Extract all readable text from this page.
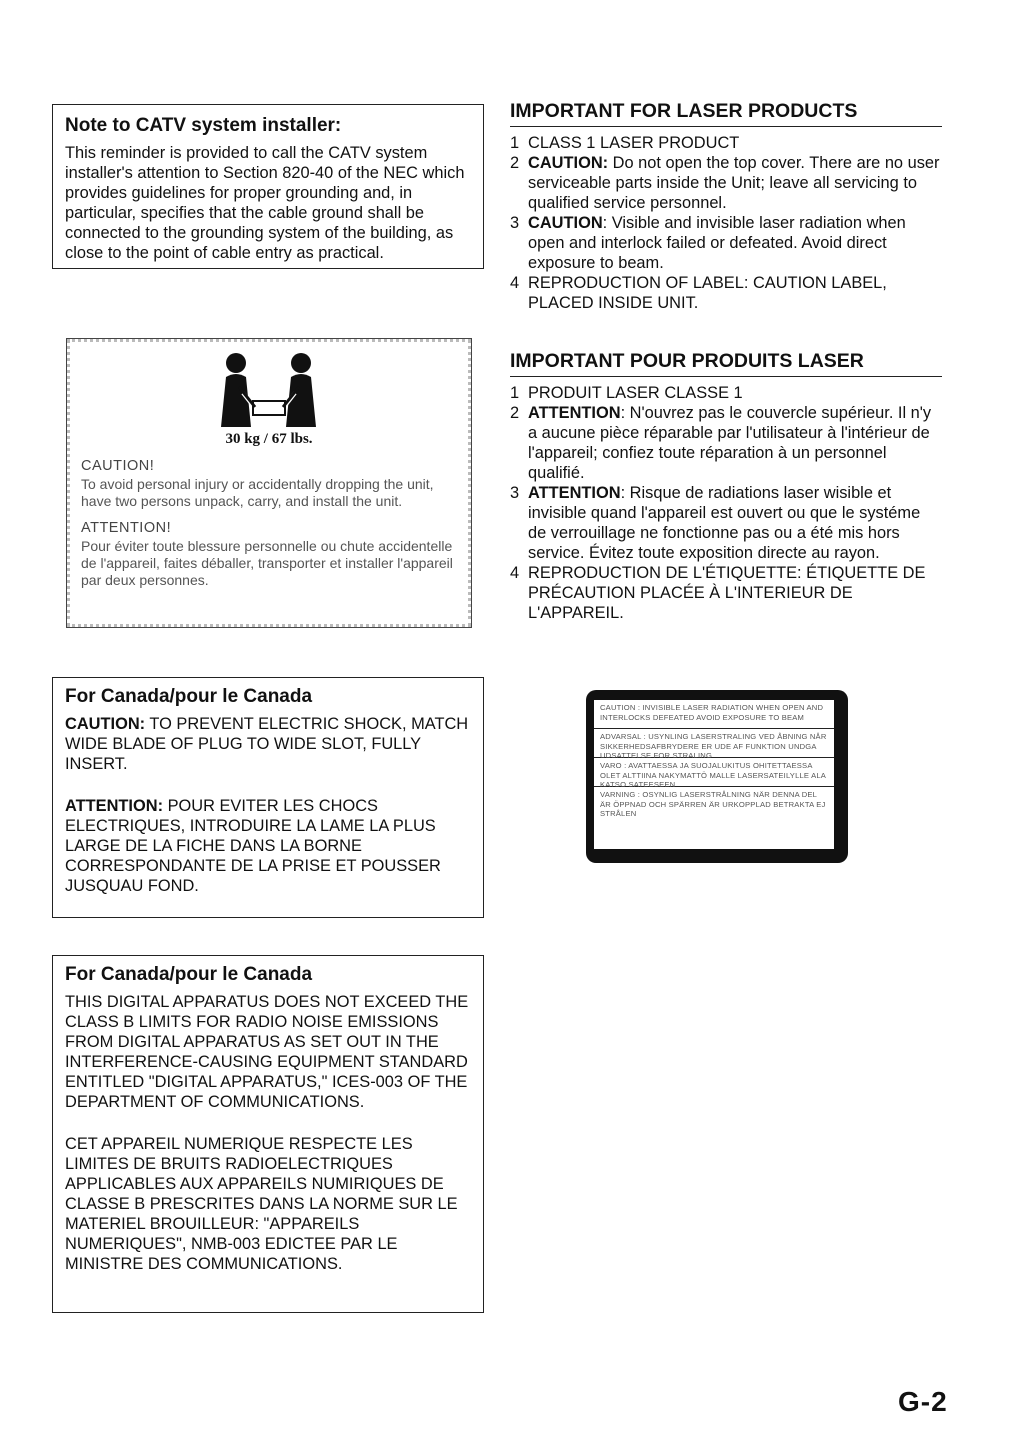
Note to CATV system installer:

This reminder is provided to call the CATV system installer's attention to Section 820-40 of the NEC which provides guidelines for proper grounding and, in particular, specifies that the cable ground shall be connected to the grounding system of the building, as close to the point of cable entry as practical.

30 kg / 67 lbs.
CAUTION!

To avoid personal injury or accidentally dropping the unit, have two persons unpack, carry, and install the unit.

ATTENTION!

Pour éviter toute blessure personnelle ou chute accidentelle de l'appareil, faites déballer, transporter et installer l'appareil par deux personnes.

For Canada/pour le Canada

CAUTION: TO PREVENT ELECTRIC SHOCK, MATCH WIDE BLADE OF PLUG TO WIDE SLOT, FULLY INSERT.

ATTENTION: POUR EVITER LES CHOCS ELECTRIQUES, INTRODUIRE LA LAME LA PLUS LARGE DE LA FICHE DANS LA BORNE CORRESPONDANTE DE LA PRISE ET POUSSER JUSQUAU FOND.

For Canada/pour le Canada

THIS DIGITAL APPARATUS DOES NOT EXCEED THE CLASS B LIMITS FOR RADIO NOISE EMISSIONS FROM DIGITAL APPARATUS AS SET OUT IN THE INTERFERENCE-CAUSING EQUIPMENT STANDARD ENTITLED "DIGITAL APPARATUS," ICES-003 OF THE DEPARTMENT OF COMMUNICATIONS.

CET APPAREIL NUMERIQUE RESPECTE LES LIMITES DE BRUITS RADIOELECTRIQUES APPLICABLES AUX APPAREILS NUMIRIQUES DE CLASSE B PRESCRITES DANS LA NORME SUR LE MATERIEL BROUILLEUR: "APPAREILS NUMERIQUES", NMB-003 EDICTEE PAR LE MINISTRE DES COMMUNICATIONS.

IMPORTANT FOR LASER PRODUCTS
1 CLASS 1 LASER PRODUCT
2 CAUTION: Do not open the top cover. There are no user serviceable parts inside the Unit; leave all servicing to qualified service personnel.
3 CAUTION: Visible and invisible laser radiation when open and interlock failed or defeated. Avoid direct exposure to beam.
4 REPRODUCTION OF LABEL: CAUTION LABEL, PLACED INSIDE UNIT.
IMPORTANT POUR PRODUITS LASER
1 PRODUIT LASER CLASSE 1
2 ATTENTION: N'ouvrez pas le couvercle supérieur. Il n'y a aucune pièce réparable par l'utilisateur à l'intérieur de l'appareil; confiez toute réparation à un personnel qualifié.
3 ATTENTION: Risque de radiations laser wisible et invisible quand l'appareil est ouvert ou que le systéme de verrouillage ne fonctionne pas ou a été mis hors service. Évitez toute exposition directe au rayon.
4 REPRODUCTION DE L'ÉTIQUETTE: ÉTIQUETTE DE PRÉCAUTION PLACÉE À L'INTERIEUR DE L'APPAREIL.
CAUTION : INVISIBLE LASER RADIATION WHEN OPEN AND INTERLOCKS DEFEATED AVOID EXPOSURE TO BEAM
ADVARSAL : USYNLING LASERSTRALING VED ÅBNING NÅR SIKKERHEDSAFBRYDERE ER UDE AF FUNKTION UNDGA UDSATTELSE FOR STRALING
VARO : AVATTAESSA JA SUOJALUKITUS OHITETTAESSA OLET ALTTIINA NAKYMATTÖ MALLE LASERSATEILYLLE ALA KATSO SATEESEEN
VARNING : OSYNLIG LASERSTRÅLNING NÄR DENNA DEL ÄR ÖPPNAD OCH SPÄRREN ÄR URKOPPLAD BETRAKTA EJ STRÅLEN
G-2
